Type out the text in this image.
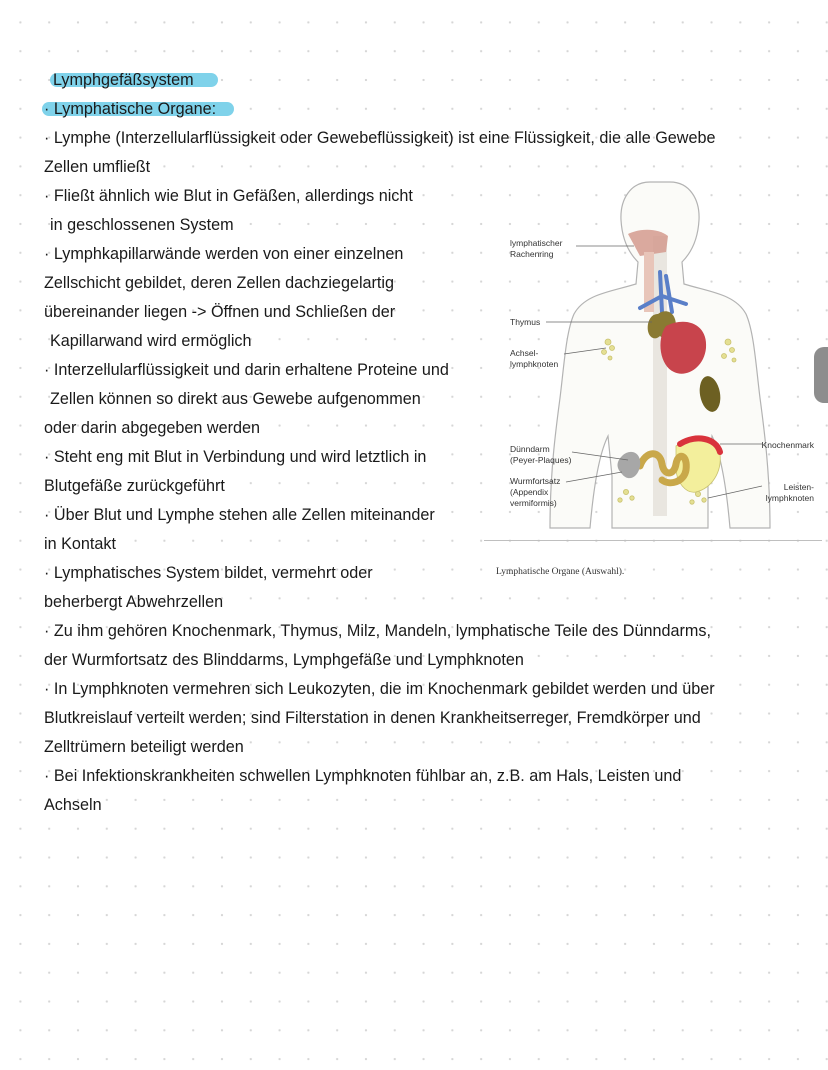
Lymphgefäßsystem
· Lymphatische Organe:
· Lymphe (Interzellularflüssigkeit oder Gewebeflüssigkeit) ist eine Flüssigkeit, die alle Gewebe
Zellen umfließt
· Fließt ähnlich wie Blut in Gefäßen, allerdings nicht
in geschlossenen System
· Lymphkapillarwände werden von einer einzelnen
Zellschicht gebildet, deren Zellen dachziegelartig
übereinander liegen -> Öffnen und Schließen der
Kapillarwand wird ermöglich
· Interzellularflüssigkeit und darin erhaltene Proteine und
Zellen können so direkt aus Gewebe aufgenommen
oder darin abgegeben werden
· Steht eng mit Blut in Verbindung und wird letztlich in
Blutgefäße zurückgeführt
· Über Blut und Lymphe stehen alle Zellen miteinander
in Kontakt
· Lymphatisches System bildet, vermehrt oder
beherbergt Abwehrzellen
· Zu ihm gehören Knochenmark, Thymus, Milz, Mandeln, lymphatische Teile des Dünndarms,
der Wurmfortsatz des Blinddarms, Lymphgefäße und Lymphknoten
· In Lymphknoten vermehren sich Leukozyten, die im Knochenmark gebildet werden und über
Blutkreislauf verteilt werden; sind Filterstation in denen Krankheitserreger, Fremdkörper und
Zelltrümern beteiligt werden
· Bei Infektionskrankheiten schwellen Lymphknoten fühlbar an, z.B. am Hals, Leisten und
Achseln
lymphatischer
Rachenring
Thymus
Achsel-
lymphknoten
Dünndarm
(Peyer-Plaques)
Wurmfortsatz
(Appendix
vermiformis)
Knochenmark
Leisten-
lymphknoten
Lymphatische Organe (Auswahl).
